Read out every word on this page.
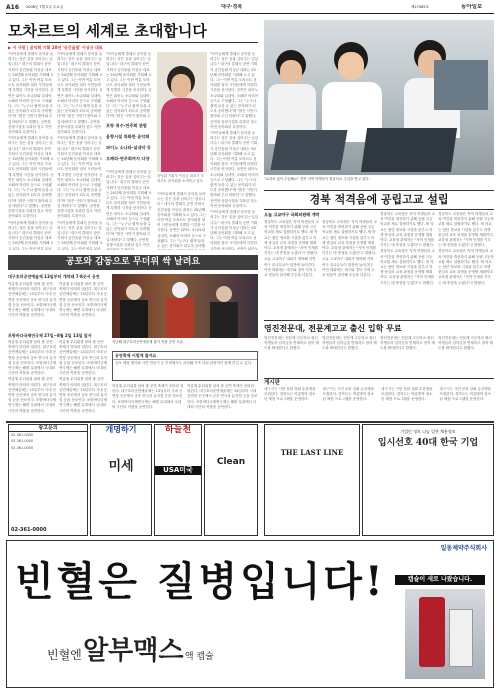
A16 2008년 7월 2일 수요일	대구·경북	제27085호	동아일보
모차르트의 세계로 초대합니다
▶ 이 사람 | 음악회 기획 20년 '공간울림' 이상규 대표

"아이들에게 클래식 음악을 들려주는 것은 꿈을 심어주는 일입니다." 대구의 클래식 공연 기획사 공간울림 이상규 대표는 20년째 음악회를 기획해 오고 있다. 그는 이번 여름 모차르트 음악회를 열어 시민들에게 특별한 시간을 선사한다. 공연은 피아노 소나타와 실내악, 오페라 아리아 등으로 구성됐다. 그는 "누구나 쉽게 들을 수 있는 음악회가 되도록 준비했다"며 "많은 시민이 찾아와 주길 바란다"고 말했다. 공연장 음향시설을 특화한 것도 이번 음악회의 특징이다.

"아이들에게 클래식 음악을 들려주는 것은 꿈을 심어주는 일입니다." 대구의 클래식 공연 기획사 공간울림 이상규 대표는 20년째 음악회를 기획해 오고 있다. 그는 이번 여름 모차르트 음악회를 열어 시민들에게 특별한 시간을 선사한다. 공연은 피아노 소나타와 실내악, 오페라 아리아 등으로 구성됐다. 그는 "누구나 쉽게 들을 수 있는 음악회가 되도록 준비했다"며 "많은 시민이 찾아와 주길 바란다"고 말했다. 공연장 음향시설을 특화한 것도 이번 음악회의 특징이다.

"아이들에게 클래식 음악을 들려주는 것은 꿈을 심어주는 일입니다." 대구의 클래식 공연 기획사 공간울림 이상규 대표는 20년째 음악회를 기획해 오고 있다. 그는 이번 여름 모차

"아이들에게 클래식 음악을 들려주는 것은 꿈을 심어주는 일입니다." 대구의 클래식 공연 기획사 공간울림 이상규 대표는 20년째 음악회를 기획해 오고 있다. 그는 이번 여름 모차르트 음악회를 열어 시민들에게 특별한 시간을 선사한다. 공연은 피아노 소나타와 실내악, 오페라 아리아 등으로 구성됐다. 그는 "누구나 쉽게 들을 수 있는 음악회가 되도록 준비했다"며 "많은 시민이 찾아와 주길 바란다"고 말했다. 공연장 음향시설을 특화한 것도 이번 음악회의 특징이다.

"아이들에게 클래식 음악을 들려주는 것은 꿈을 심어주는 일입니다." 대구의 클래식 공연 기획사 공간울림 이상규 대표는 20년째 음악회를 기획해 오고 있다. 그는 이번 여름 모차르트 음악회를 열어 시민들에게 특별한 시간을 선사한다. 공연은 피아노 소나타와 실내악, 오페라 아리아 등으로 구성됐다. 그는 "누구나 쉽게 들을 수 있는 음악회가 되도록 준비했다"며 "많은 시민이 찾아와 주길 바란다"고 말했다. 공연장 음향시설을 특화한 것도 이번 음악회의 특징이다.

"아이들에게 클래식 음악을 들려주는 것은 꿈을 심어주는 일입니다." 대구의 클래식 공연 기획사 공간울림 이상규 대표는 20년째 음악회를 기획해 오고 있다. 그는 이번 여름 모차

"아이들에게 클래식 음악을 들려주는 것은 꿈을 심어주는 일입니다." 대구의 클래식 공연 기획사 공간울림 이상규 대표는 20년째 음악회를 기획해 오고 있다. 그는 이번 여름 모차르트 음악회를 열어 시민들에게 특별한 시간을 선사한다. 공연은 피아노 소나타와 실내악, 오페라 아리아 등으로 구성됐다. 그는 "누구나 쉽게 들을 수 있는 음악회가 되도록 준비했다"며 "많은 시민이 찾아와 주

포항 취수·연주회 관람
음향시설 특화한 음악회
파이노 소나타·실내악 등
오페라·연주회까지 다양

"아이들에게 클래식 음악을 들려주는 것은 꿈을 심어주는 일입니다." 대구의 클래식 공연 기획사 공간울림 이상규 대표는 20년째 음악회를 기획해 오고 있다. 그는 이번 여름 모차르트 음악회를 열어 시민들에게 특별한 시간을 선사한다. 공연은 피아노 소나타와 실내악, 오페라 아리아 등으로 구성됐다. 그는 "누구나 쉽게 들을 수 있는 음악회가 되도록 준비했다"며 "많은 시민이 찾아와 주길 바란다"고 말했다. 공연장 음향시설을 특화한 것도 이번

음악회 기획자 이상규 대표가 모차르트 음악회를 소개하고 있다.

"아이들에게 클래식 음악을 들려주는 것은 꿈을 심어주는 일입니다." 대구의 클래식 공연 기획사 공간울림 이상규 대표는 20년째 음악회를 기획해 오고 있다. 그는 이번 여름 모차르트 음악회를 열어 시민들에게 특별한 시간을 선사한다. 공연은 피아노 소나타와 실내악, 오페라 아리아 등으로 구성됐다. 그는 "누구나 쉽게 들을 수 있는 음악회가 되도록 준비했

"아이들에게 클래식 음악을 들려주는 것은 꿈을 심어주는 일입니다." 대구의 클래식 공연 기획사 공간울림 이상규 대표는 20년째 음악회를 기획해 오고 있다. 그는 이번 여름 모차르트 음악회를 열어 시민들에게 특별한 시간을 선사한다. 공연은 피아노 소나타와 실내악, 오페라 아리아 등으로 구성됐다. 그는 "누구나 쉽게 들을 수 있는 음악회가 되도록 준비했다"며 "많은 시민이 찾아와 주길 바란다"고 말했다. 공연장 음향시설을 특화한 것도 이번 음악회의 특징이다.

"아이들에게 클래식 음악을 들려주는 것은 꿈을 심어주는 일입니다." 대구의 클래식 공연 기획사 공간울림 이상규 대표는 20년째 음악회를 기획해 오고 있다. 그는 이번 여름 모차르트 음악회를 열어 시민들에게 특별한 시간을 선사한다. 공연은 피아노 소나타와 실내악, 오페라 아리아 등으로 구성됐다. 그는 "누구나 쉽게 들을 수 있는 음악회가 되도록 준비했다"며 "많은 시민이 찾아와 주길 바란다"고 말했다. 공연장 음향시설을 특화한 것도 이번 음악회의 특징이다.

"아이들에게 클래식 음악을 들려주는 것은 꿈을 심어주는 일입니다." 대구의 클래식 공연 기획사 공간울림 이상규 대표는 20년째 음악회를 기획해 오고 있다. 그는 이번 여름 모차르트 음악회를 열어 시민들에게 특별한 시간을 선사한다. 공연은 피아노

"교과서 없이 수업해요" 경북 지역 학생들이 컴퓨터로 수업을 받고 있다.
경북 적격음에 공립고교 설립
오늘 고교야구 국회의원배 개막

경상북도 교육청은 지역 학생들의 교육 여건을 개선하기 위해 공립 고등학교를 새로 설립하기로 했다. 새 학교는 첨단 정보화 시설을 갖추고 학생 중심의 교육 과정을 운영할 계획이다. 교육청 관계자는 "지역 인재를 키우는 데 중점을 두겠다"고 밝혔다.

오늘 고교야구 대회가 개막해 지역 야구 꿈나무들이 열전에 들어간다. 이번 대회에는 대구와 경북 지역 고교 팀들이 참가해 우승을 다툰다.

경상북도 교육청은 지역 학생들의 교육 여건을 개선하기 위해 공립 고등학교를 새로 설립하기로 했다. 새 학교는 첨단 정보화 시설을 갖추고 학생 중심의 교육 과정을 운영할 계획이다. 교육청 관계자는 "지역 인재를 키우는 데 중점을 두겠다"고 밝혔다.

오늘 고교야구 대회가 개막해 지역 야구 꿈나무들이 열전에 들어간다. 이번 대회에는 대구와 경북 지역 고교 팀들이 참가해 우승을 다툰다.

경상북도 교육청은 지역 학생들의 교육 여건을 개선하기 위해 공립 고등학교를 새로 설립하기로 했다. 새 학교는 첨단 정보화 시설을 갖추고 학생 중심의 교육 과정을 운영할 계획이다. 교육청 관계자는 "지역 인재를 키우는 데 중점을 두겠다"고 밝혔다.

경상북도 교육청은 지역 학생들의 교육 여건을 개선하기 위해 공립 고등학교를 새로 설립하기로 했다. 새 학교는 첨단 정보화 시설을 갖추고 학생 중심의 교육 과정을 운영할 계획이다. 교육청 관계자는 "지역 인재를 키우는 데 중점을 두겠다"고 밝혔다.

경상북도 교육청은 지역 학생들의 교육 여건을 개선하기 위해 공립 고등학교를 새로 설립하기로 했다. 새 학교는 첨단 정보화 시설을 갖추고 학생 중심의 교육 과정을 운영할 계획이다. 교육청 관계자는 "지역 인재를 키우는 데 중점을 두겠다"고 밝혔다.

경상북도 교육청은 지역 학생들의 교육 여건을 개선하기 위해 공립 고등학교를 새로 설립하기로 했다. 새 학교는 첨단 정보화 시설을 갖추고 학생 중심의 교육 과정을 운영할 계획이다. 교육청 관계자는 "지역 인재를 키우는 데 중점을 두겠다"고 밝혔다.

공포와 감동으로 무더위 싹 날려요
대구호러공연예술제 13일부터 개막돼 7·8곳서 공연

여름철 무더위를 날려 줄 공연 축제가 잇따라 열린다. 대구호러공연예술제는 13일부터 시내 공연장 곳곳에서 공포 연극과 뮤지컬 등을 선보인다. 포항바다국제연극제는 해변 무대에서 국내외 극단의 작품을 공연한다.

여름철 무더위를 날려 줄 공연 축제가 잇따라 열린다. 대구호러공연예술제는 13일부터 시내 공연장 곳곳에서 공포 연극과 뮤지컬 등을 선보인다. 포항바다국제연극제는 해변 무대에서 국내외 극단의 작품을 공연한다.

포항바다국제연극제 27일~8월 2일 13일 앞서

여름철 무더위를 날려 줄 공연 축제가 잇따라 열린다. 대구호러공연예술제는 13일부터 시내 공연장 곳곳에서 공포 연극과 뮤지컬 등을 선보인다. 포항바다국제연극제는 해변 무대에서 국내외 극단의 작품을 공연한다.

여름철 무더위를 날려 줄 공연 축제가 잇따라 열린다. 대구호러공연예술제는 13일부터 시내 공연장 곳곳에서 공포 연극과 뮤지컬 등을 선보인다. 포항바다국제연극제는 해변 무대에서 국내외 극단의 작품을 공연한다.

여름철 무더위를 날려 줄 공연 축제가 잇따라 열린다. 대구호러공연예술제는 13일부터 시내 공연장 곳곳에서 공포 연극과 뮤지컬 등을 선보인다. 포항바다국제연극제는 해변 무대에서 국내외 극단의 작품을 공연한다.

여름철 무더위를 날려 줄 공연 축제가 잇따라 열린다. 대구호러공연예술제는 13일부터 시내 공연장 곳곳에서 공포 연극과 뮤지컬 등을 선보인다. 포항바다국제연극제는 해변 무대에서 국내외 극단의 작품을 공연한다.

지난해 대구호러공연예술제 참가 작품 공연 모습.
공연축제 이렇게 즐겨요
공포 체험 행사와 가면 만들기 등 부대행사도 마련돼 가족 단위 관람객이 함께 즐길 수 있다.

여름철 무더위를 날려 줄 공연 축제가 잇따라 열린다. 대구호러공연예술제는 13일부터 시내 공연장 곳곳에서 공포 연극과 뮤지컬 등을 선보인다. 포항바다국제연극제는 해변 무대에서 국내외 극단의 작품을 공연한다.

여름철 무더위를 날려 줄 공연 축제가 잇따라 열린다. 대구호러공연예술제는 13일부터 시내 공연장 곳곳에서 공포 연극과 뮤지컬 등을 선보인다. 포항바다국제연극제는 해변 무대에서 국내외 극단의 작품을 공연한다.

영진전문대, 전문계고교 출신 입학 무료

영진전문대는 전문계 고등학교 출신 학생들의 입학금을 면제하고 장학 제도를 확대한다고 밝혔다.

영진전문대는 전문계 고등학교 출신 학생들의 입학금을 면제하고 장학 제도를 확대한다고 밝혔다.

영진전문대는 전문계 고등학교 출신 학생들의 입학금을 면제하고 장학 제도를 확대한다고 밝혔다.

영진전문대는 전문계 고등학교 출신 학생들의 입학금을 면제하고 장학 제도를 확대한다고 밝혔다.

게시판

대구시는 시민 문화 강좌 수강생을 모집한다. 경북도는 여름방학 청소년 체험 프로그램을 운영한다.

대구시는 시민 문화 강좌 수강생을 모집한다. 경북도는 여름방학 청소년 체험 프로그램을 운영한다.

대구시는 시민 문화 강좌 수강생을 모집한다. 경북도는 여름방학 청소년 체험 프로그램을 운영한다.

대구시는 시민 문화 강좌 수강생을 모집한다. 경북도는 여름방학 청소년 체험 프로그램을 운영한다.

광고문의

02-361-0000

02-361-0000

02-361-0000

02-361-0000
개명하기
미세
하늘천
USA미국
Clean
THE LAST LINE
기업인 정보 나눔 알찬 채용정보
입시선호 40대 한국 기업
빈혈은 질병입니다!
빈혈엔 알부맥스 액 캡슐
일동제약주식회사
캡슐이 새로 나왔습니다.
